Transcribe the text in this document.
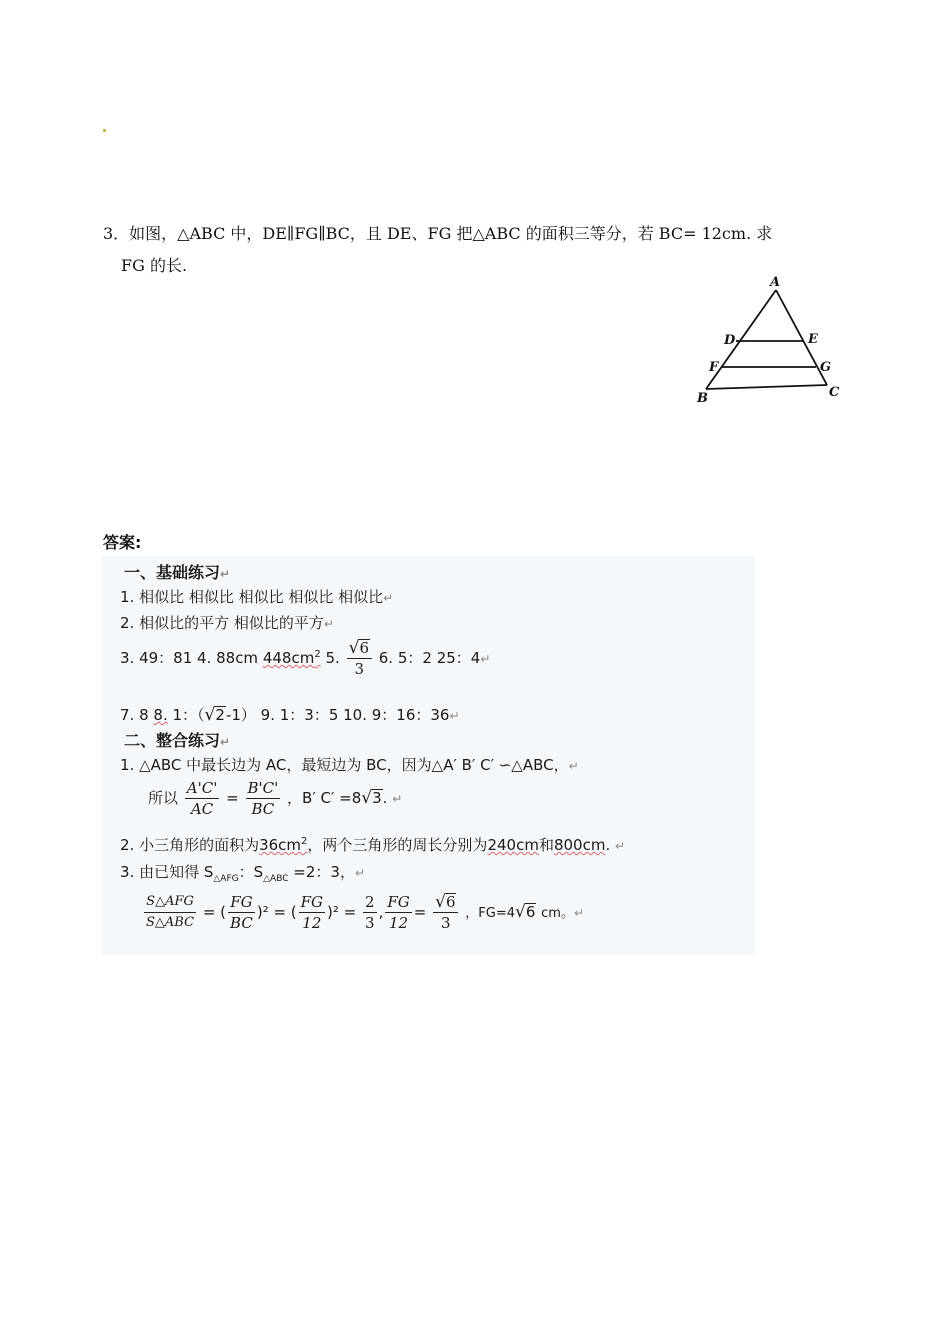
3．如图，△ABC 中，DE∥FG∥BC，且 DE、FG 把△ABC 的面积三等分，若 BC= 12cm. 求
FG 的长.
A
D	E
F	G
B	C
答案:
一、基础练习↵
1. 相似比 相似比 相似比 相似比 相似比↵
2. 相似比的平方 相似比的平方↵
3. 49：81 4. 88cm $448cm^2$ 5. $\frac{√6}{3} 6$. 5：2 25：4↵
7. 8 8. 1：（√2-1） 9. 1：3：5 10. 9：16：36↵
二、整合练习↵
1. △ABC 中最长边为 AC，最短边为 BC，因为△A′ B′ C′ ∽△ABC，↵
所以 $\frac{A'C'}{AC} = \frac{B'C'}{BC}$ ，B′ C′ =8√3. ↵
2. 小三角形的面积为$36cm^2$，两个三角形的周长分别为240cm和800cm. ↵
3. 由已知得 $S_{\triangle AFG}$：$S_{\triangle ABC} =2$：3，↵
$\frac{\text{S△AFG}}{\text{S△ABC}}$ = ( $\frac{FG}{BC} )^2$ = ( $\frac{FG}{12} )^2 = \frac{2}{3}$ , $\frac{FG}{12} = \frac{√6}{3}$ ，FG=4√6 cm。↵
